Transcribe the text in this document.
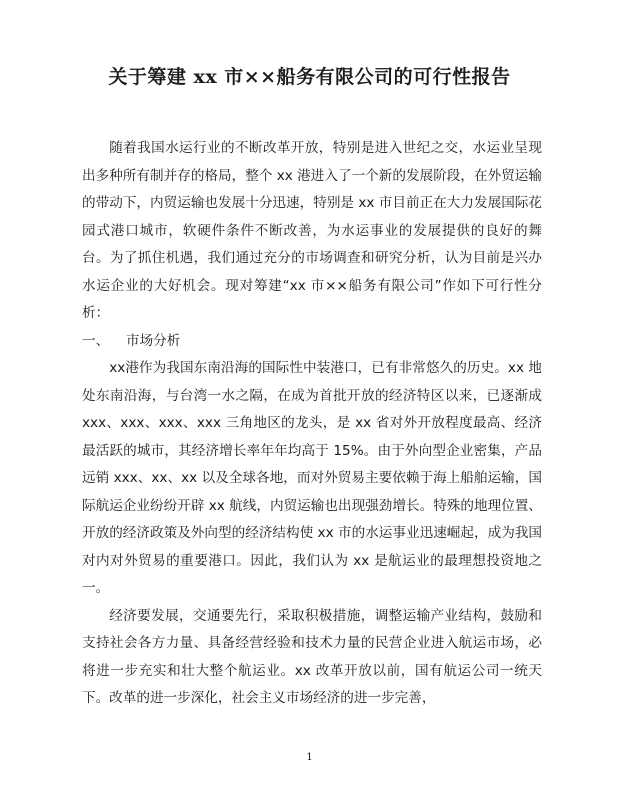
关于筹建 xx 市××船务有限公司的可行性报告

随着我国水运行业的不断改革开放，特别是进入世纪之交，水运业呈现出多种所有制并存的格局，整个 xx 港进入了一个新的发展阶段，在外贸运输的带动下，内贸运输也发展十分迅速，特别是 xx 市目前正在大力发展国际花园式港口城市，软硬件条件不断改善，为水运事业的发展提供的良好的舞台。为了抓住机遇，我们通过充分的市场调查和研究分析，认为目前是兴办水运企业的大好机会。现对筹建“xx 市××船务有限公司”作如下可行性分析：

一、 市场分析

xx港作为我国东南沿海的国际性中装港口，已有非常悠久的历史。xx 地处东南沿海，与台湾一水之隔，在成为首批开放的经济特区以来，已逐渐成 xxx、xxx、xxx、xxx 三角地区的龙头，是 xx 省对外开放程度最高、经济最活跃的城市，其经济增长率年年均高于 15%。由于外向型企业密集，产品远销 xxx、xx、xx 以及全球各地，而对外贸易主要依赖于海上船舶运输，国际航运企业纷纷开辟 xx 航线，内贸运输也出现强劲增长。特殊的地理位置、开放的经济政策及外向型的经济结构使 xx 市的水运事业迅速崛起，成为我国对内对外贸易的重要港口。因此，我们认为 xx 是航运业的最理想投资地之一。

经济要发展，交通要先行，采取积极措施，调整运输产业结构，鼓励和支持社会各方力量、具备经营经验和技术力量的民营企业进入航运市场，必将进一步充实和壮大整个航运业。xx 改革开放以前，国有航运公司一统天下。改革的进一步深化，社会主义市场经济的进一步完善，

1
